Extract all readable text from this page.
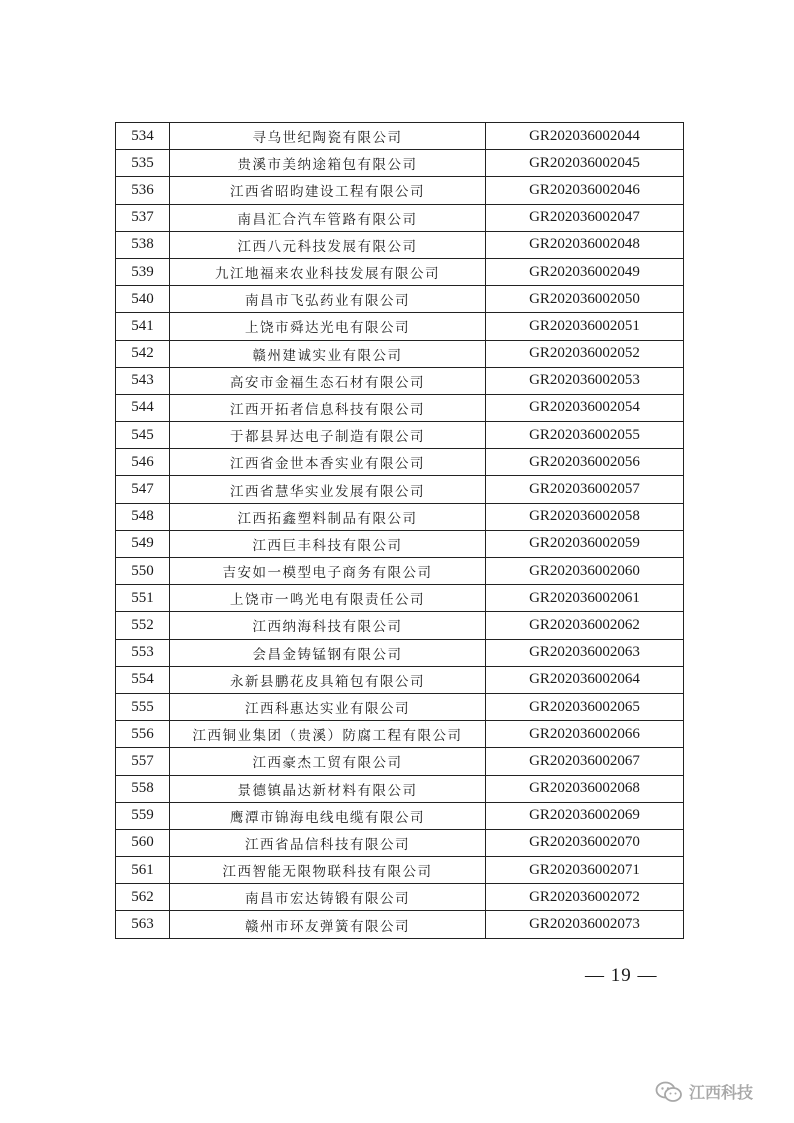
534	寻乌世纪陶瓷有限公司	GR202036002044
535	贵溪市美纳途箱包有限公司	GR202036002045
536	江西省昭昀建设工程有限公司	GR202036002046
537	南昌汇合汽车管路有限公司	GR202036002047
538	江西八元科技发展有限公司	GR202036002048
539	九江地福来农业科技发展有限公司	GR202036002049
540	南昌市飞弘药业有限公司	GR202036002050
541	上饶市舜达光电有限公司	GR202036002051
542	赣州建诚实业有限公司	GR202036002052
543	高安市金福生态石材有限公司	GR202036002053
544	江西开拓者信息科技有限公司	GR202036002054
545	于都县昇达电子制造有限公司	GR202036002055
546	江西省金世本香实业有限公司	GR202036002056
547	江西省慧华实业发展有限公司	GR202036002057
548	江西拓鑫塑料制品有限公司	GR202036002058
549	江西巨丰科技有限公司	GR202036002059
550	吉安如一模型电子商务有限公司	GR202036002060
551	上饶市一鸣光电有限责任公司	GR202036002061
552	江西纳海科技有限公司	GR202036002062
553	会昌金铸锰钢有限公司	GR202036002063
554	永新县鹏花皮具箱包有限公司	GR202036002064
555	江西科惠达实业有限公司	GR202036002065
556	江西铜业集团（贵溪）防腐工程有限公司	GR202036002066
557	江西豪杰工贸有限公司	GR202036002067
558	景德镇晶达新材料有限公司	GR202036002068
559	鹰潭市锦海电线电缆有限公司	GR202036002069
560	江西省品信科技有限公司	GR202036002070
561	江西智能无限物联科技有限公司	GR202036002071
562	南昌市宏达铸锻有限公司	GR202036002072
563	赣州市环友弹簧有限公司	GR202036002073
— 19 —
江西科技
